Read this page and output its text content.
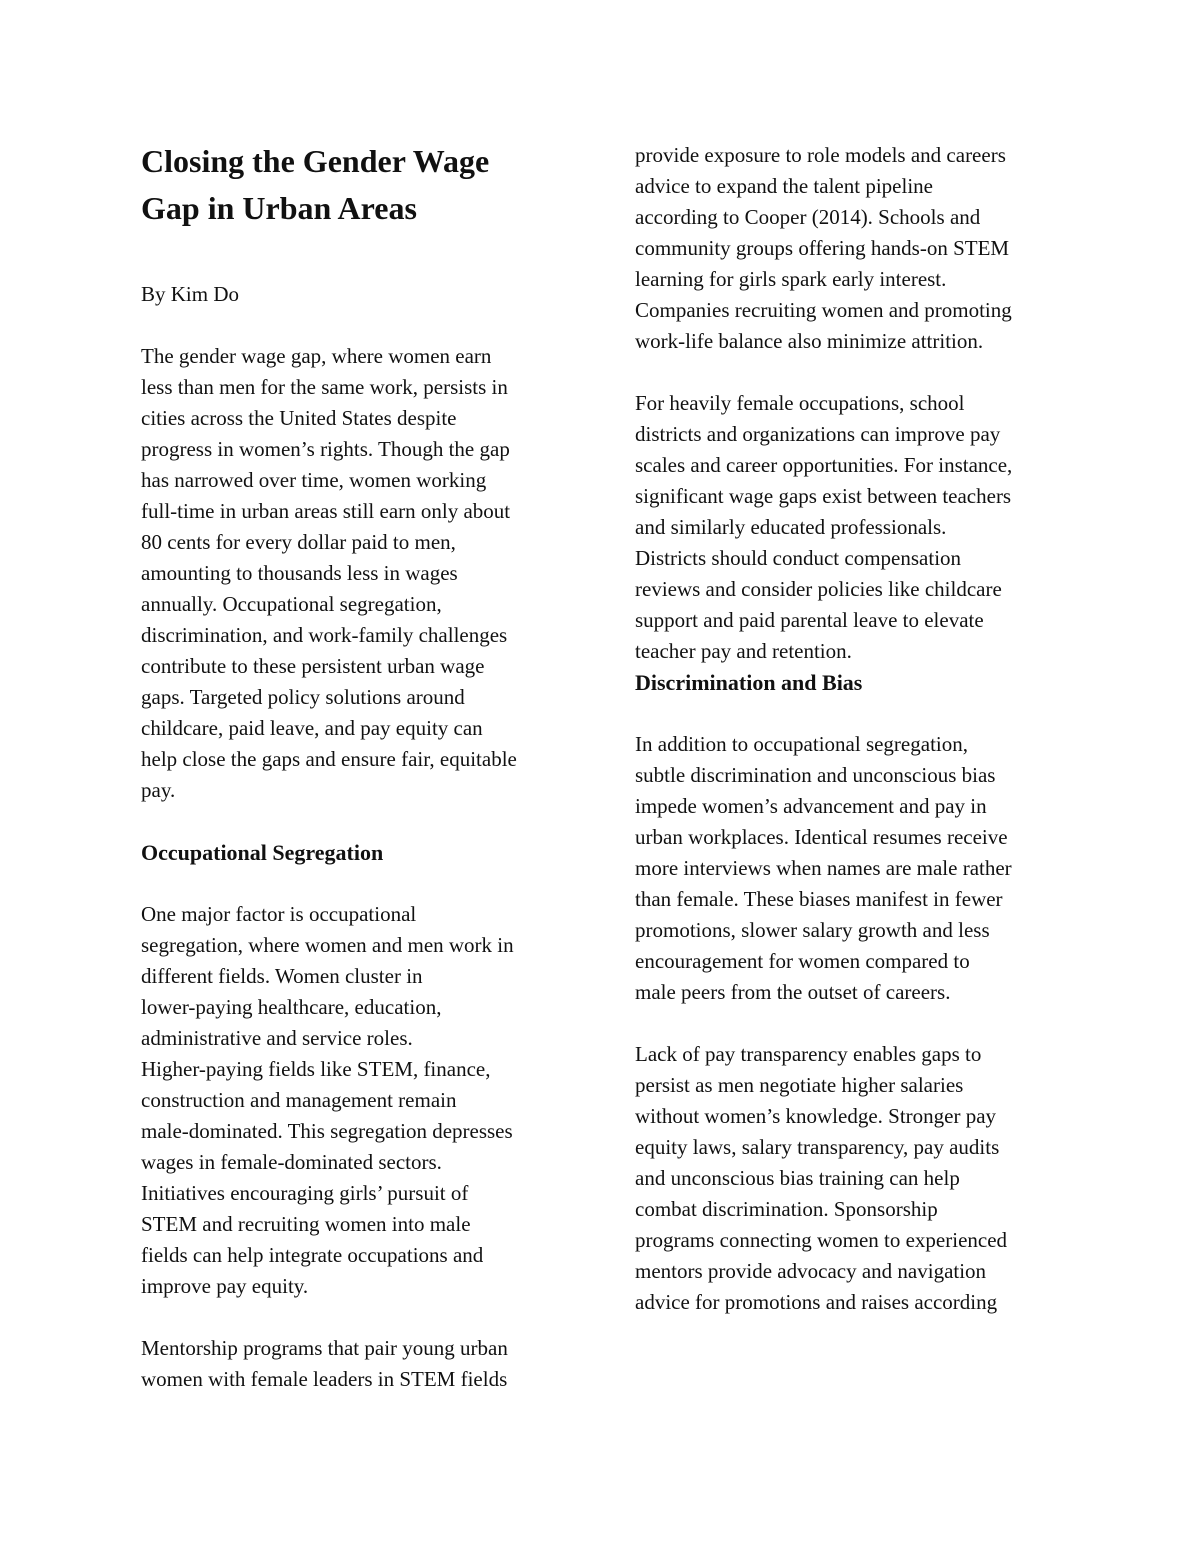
Closing the Gender Wage
Gap in Urban Areas

By Kim Do

The gender wage gap, where women earn
less than men for the same work, persists in
cities across the United States despite
progress in women’s rights. Though the gap
has narrowed over time, women working
full-time in urban areas still earn only about
80 cents for every dollar paid to men,
amounting to thousands less in wages
annually. Occupational segregation,
discrimination, and work-family challenges
contribute to these persistent urban wage
gaps. Targeted policy solutions around
childcare, paid leave, and pay equity can
help close the gaps and ensure fair, equitable
pay.

Occupational Segregation

One major factor is occupational
segregation, where women and men work in
different fields. Women cluster in
lower-paying healthcare, education,
administrative and service roles.
Higher-paying fields like STEM, finance,
construction and management remain
male-dominated. This segregation depresses
wages in female-dominated sectors.
Initiatives encouraging girls’ pursuit of
STEM and recruiting women into male
fields can help integrate occupations and
improve pay equity.

Mentorship programs that pair young urban
women with female leaders in STEM fields

provide exposure to role models and careers
advice to expand the talent pipeline
according to Cooper (2014). Schools and
community groups offering hands-on STEM
learning for girls spark early interest.
Companies recruiting women and promoting
work-life balance also minimize attrition.

For heavily female occupations, school
districts and organizations can improve pay
scales and career opportunities. For instance,
significant wage gaps exist between teachers
and similarly educated professionals.
Districts should conduct compensation
reviews and consider policies like childcare
support and paid parental leave to elevate
teacher pay and retention.

Discrimination and Bias

In addition to occupational segregation,
subtle discrimination and unconscious bias
impede women’s advancement and pay in
urban workplaces. Identical resumes receive
more interviews when names are male rather
than female. These biases manifest in fewer
promotions, slower salary growth and less
encouragement for women compared to
male peers from the outset of careers.

Lack of pay transparency enables gaps to
persist as men negotiate higher salaries
without women’s knowledge. Stronger pay
equity laws, salary transparency, pay audits
and unconscious bias training can help
combat discrimination. Sponsorship
programs connecting women to experienced
mentors provide advocacy and navigation
advice for promotions and raises according
